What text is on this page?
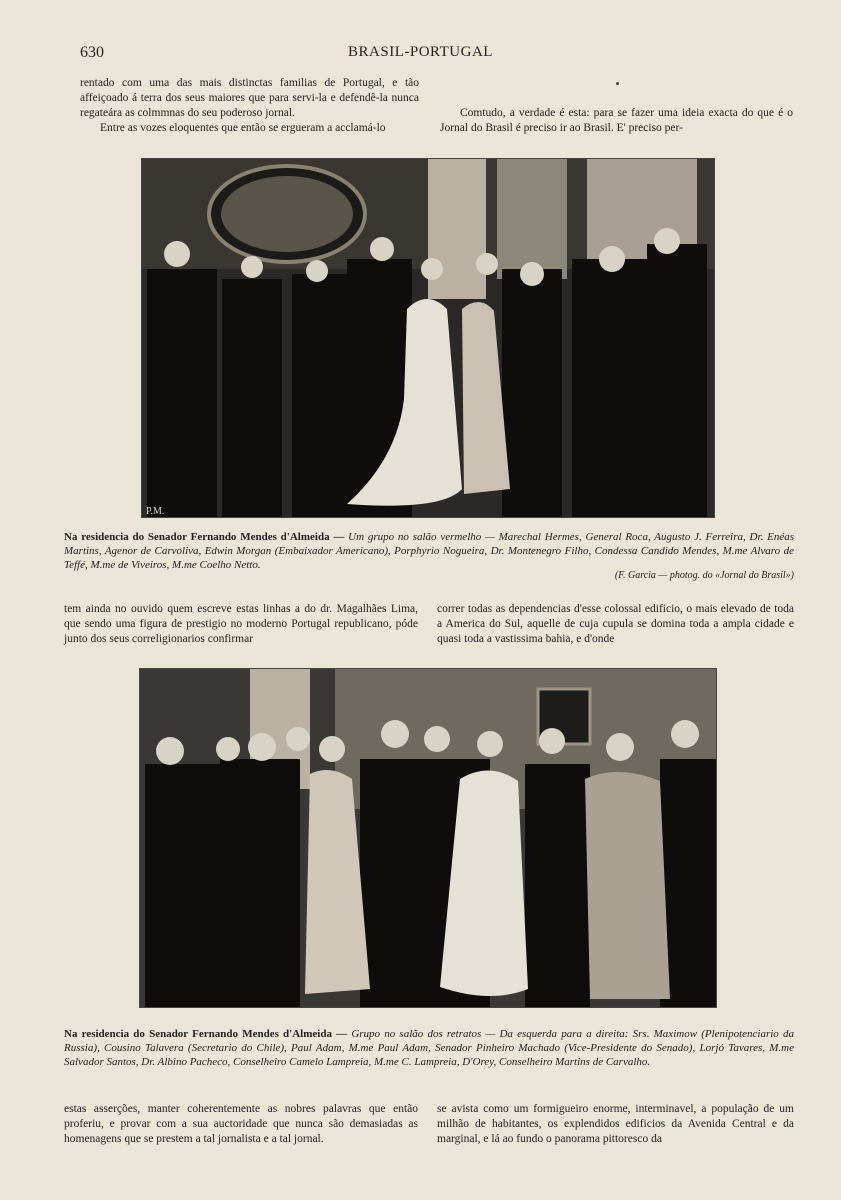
630	BRASIL-PORTUGAL

rentado com uma das mais distinctas familias de Portugal, e tão affeiçoado á terra dos seus maiores que para servi-la e defendê-la nunca regateára as colmmnas do seu poderoso jornal.

Entre as vozes eloquentes que então se ergueram a acclamá-lo

Comtudo, a verdade é esta: para se fazer uma ideia exacta do que é o Jornal do Brasil é preciso ir ao Brasil. E' preciso per-

P.M.
Na residencia do Senador Fernando Mendes d'Almeida — Um grupo no salão vermelho — Marechal Hermes, General Roca, Augusto J. Ferreira, Dr. Enéas Martins, Agenor de Carvoliva, Edwin Morgan (Embaixador Americano), Porphyrio Nogueira, Dr. Montenegro Filho, Condessa Candido Mendes, M.me Alvaro de Teffé, M.me de Viveiros, M.me Coelho Netto.
(F. Garcia — photog. do «Jornal do Brasil»)
tem ainda no ouvido quem escreve estas linhas a do dr. Magalhães Lima, que sendo uma figura de prestigio no moderno Portugal republicano, póde junto dos seus correligionarios confirmar
correr todas as dependencias d'esse colossal edificio, o mais elevado de toda a America do Sul, aquelle de cuja cupula se domina toda a ampla cidade e quasi toda a vastissima bahia, e d'onde
Na residencia do Senador Fernando Mendes d'Almeida — Grupo no salão dos retratos — Da esquerda para a direita: Srs. Maximow (Plenipotenciario da Russia), Cousino Talavera (Secretario do Chile), Paul Adam, M.me Paul Adam, Senador Pinheiro Machado (Vice-Presidente do Senado), Lorjó Tavares, M.me Salvador Santos, Dr. Albino Pacheco, Conselheiro Camelo Lampreia, M.me C. Lampreia, D'Orey, Conselheiro Martins de Carvalho.
estas asserções, manter coherentemente as nobres palavras que então proferiu, e provar com a sua auctoridade que nunca são demasiadas as homenagens que se prestem a tal jornalista e a tal jornal.
se avista como um formigueiro enorme, interminavel, a população de um milhão de habitantes, os explendidos edificios da Avenida Central e da marginal, e lá ao fundo o panorama pittoresco da
